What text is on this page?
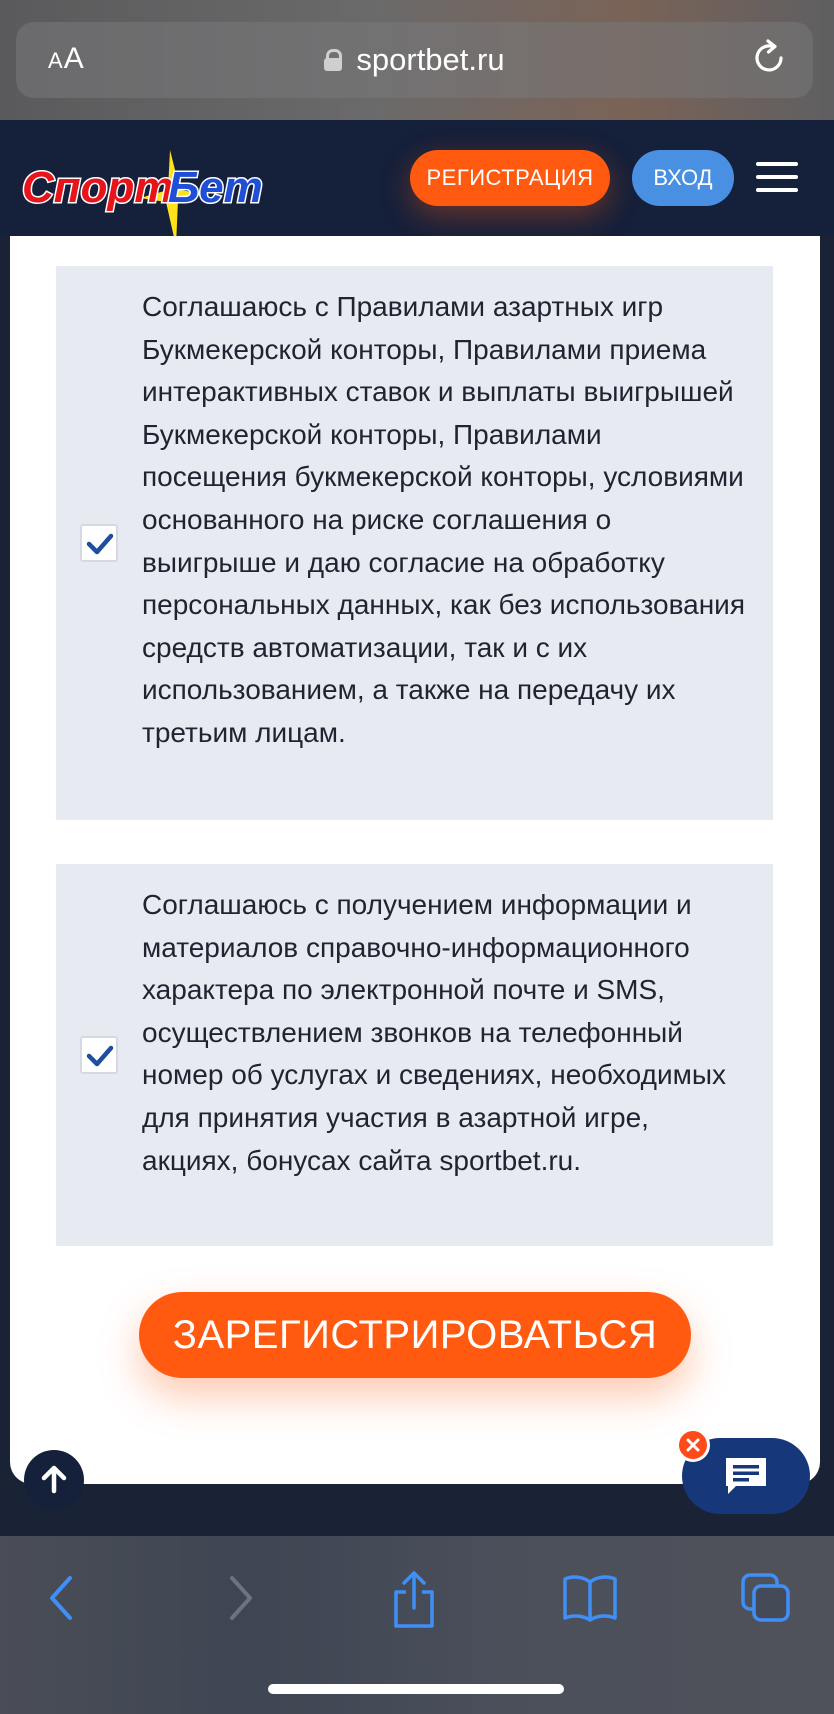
AA	sportbet.ru
Спорт
Бет	РЕГИСТРАЦИЯ	ВХОД
Соглашаюсь с Правилами азартных игр Букмекерской конторы, Правилами приема интерактивных ставок и выплаты выигрышей Букмекерской конторы, Правилами посещения букмекерской конторы, условиями основанного на риске соглашения о выигрыше и даю согласие на обработку персональных данных, как без использования средств автоматизации, так и с их использованием, а также на передачу их третьим лицам.
Соглашаюсь с получением информации и материалов справочно-информационного характера по электронной почте и SMS, осуществлением звонков на телефонный номер об услугах и сведениях, необходимых для принятия участия в азартной игре, акциях, бонусах сайта sportbet.ru.
ЗАРЕГИСТРИРОВАТЬСЯ
